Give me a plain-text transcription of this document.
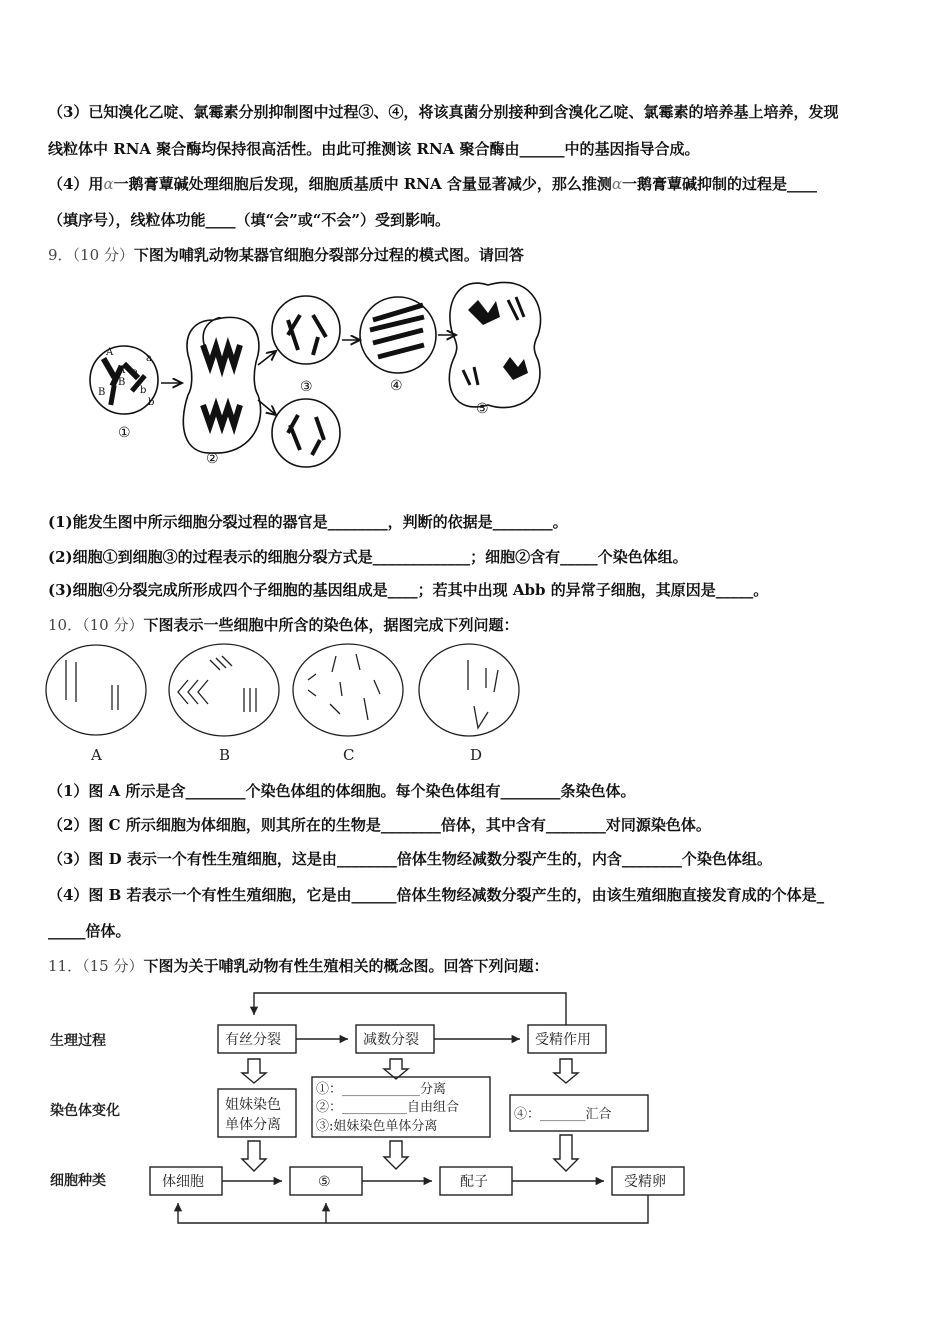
（3）已知溴化乙啶、氯霉素分别抑制图中过程③、④，将该真菌分别接种到含溴化乙啶、氯霉素的培养基上培养，发现
线粒体中 RNA 聚合酶均保持很高活性。由此可推测该 RNA 聚合酶由______中的基因指导合成。
（4）用α一鹅膏蕈碱处理细胞后发现，细胞质基质中 RNA 含量显著减少，那么推测α一鹅膏蕈碱抑制的过程是____
（填序号），线粒体功能____（填“会”或“不会”）受到影响。
9．（10 分）下图为哺乳动物某器官细胞分裂部分过程的模式图。请回答
A
A
a
a
B
B	b
b
①
②
③	④
⑤
(1)能发生图中所示细胞分裂过程的器官是________，判断的依据是________。
(2)细胞①到细胞③的过程表示的细胞分裂方式是_____________；细胞②含有_____个染色体组。
(3)细胞④分裂完成所形成四个子细胞的基因组成是____；若其中出现 Abb 的异常子细胞，其原因是_____。
10．（10 分）下图表示一些细胞中所含的染色体，据图完成下列问题：
A	B	C	D
（1）图 A 所示是含________个染色体组的体细胞。每个染色体组有________条染色体。
（2）图 C 所示细胞为体细胞，则其所在的生物是________倍体，其中含有________对同源染色体。
（3）图 D 表示一个有性生殖细胞，这是由________倍体生物经减数分裂产生的，内含________个染色体组。
（4）图 B 若表示一个有性生殖细胞，它是由______倍体生物经减数分裂产生的，由该生殖细胞直接发育成的个体是_
_____倍体。
11．（15 分）下图为关于哺乳动物有性生殖相关的概念图。回答下列问题：
生理过程
染色体变化
细胞种类
有丝分裂	减数分裂	受精作用
姐妹染色
单体分离
①：____________分离
②：__________自由组合
③:姐妹染色单体分离
④：_______汇合
体细胞	⑤	配子	受精卵
